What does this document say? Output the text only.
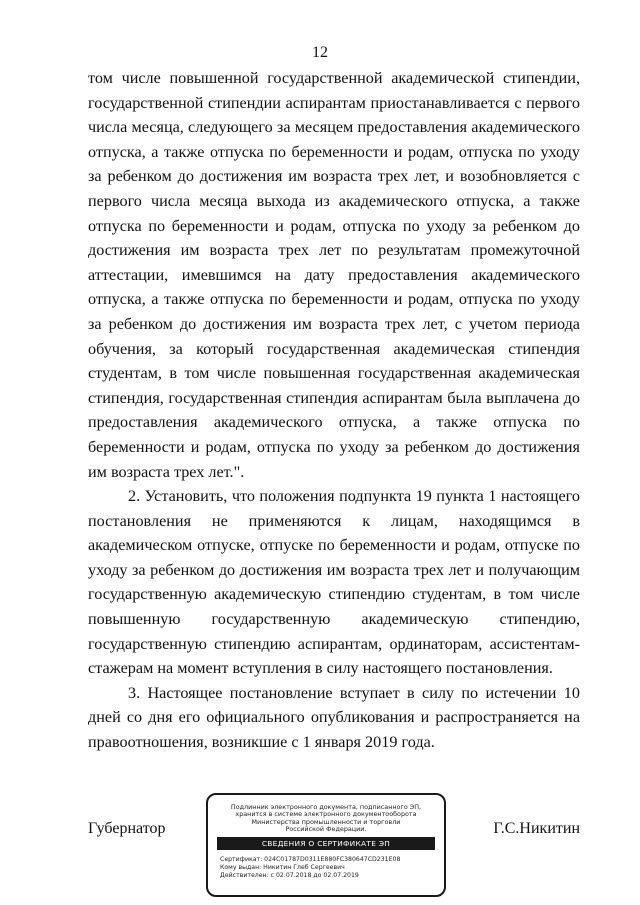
12

том числе повышенной государственной академической стипендии, государственной стипендии аспирантам приостанавливается с первого числа месяца, следующего за месяцем предоставления академического отпуска, а также отпуска по беременности и родам, отпуска по уходу за ребенком до достижения им возраста трех лет, и возобновляется с первого числа месяца выхода из академического отпуска, а также отпуска по беременности и родам, отпуска по уходу за ребенком до достижения им возраста трех лет по результатам промежуточной аттестации, имевшимся на дату предоставления академического отпуска, а также отпуска по беременности и родам, отпуска по уходу за ребенком до достижения им возраста трех лет, с учетом периода обучения, за который государственная академическая стипендия студентам, в том числе повышенная государственная академическая стипендия, государственная стипендия аспирантам была выплачена до предоставления академического отпуска, а также отпуска по беременности и родам, отпуска по уходу за ребенком до достижения им возраста трех лет.".

2. Установить, что положения подпункта 19 пункта 1 настоящего постановления не применяются к лицам, находящимся в академическом отпуске, отпуске по беременности и родам, отпуске по уходу за ребенком до достижения им возраста трех лет и получающим государственную академическую стипендию студентам, в том числе повышенную государственную академическую стипендию, государственную стипендию аспирантам, ординаторам, ассистентам-стажерам на момент вступления в силу настоящего постановления.

3. Настоящее постановление вступает в силу по истечении 10 дней со дня его официального опубликования и распространяется на правоотношения, возникшие с 1 января 2019 года.

Губернатор	Г.С.Никитин
Подлинник электронного документа, подписанного ЭП,
хранится в системе электронного документооборота
Министерства промышленности и торговли
Российской Федерации.
СВЕДЕНИЯ О СЕРТИФИКАТЕ ЭП
Сертификат: 024C01787D0311E880FC380647CD231E08
Кому выдан: Никитин Глеб Сергеевич
Действителен: с 02.07.2018 до 02.07.2019
